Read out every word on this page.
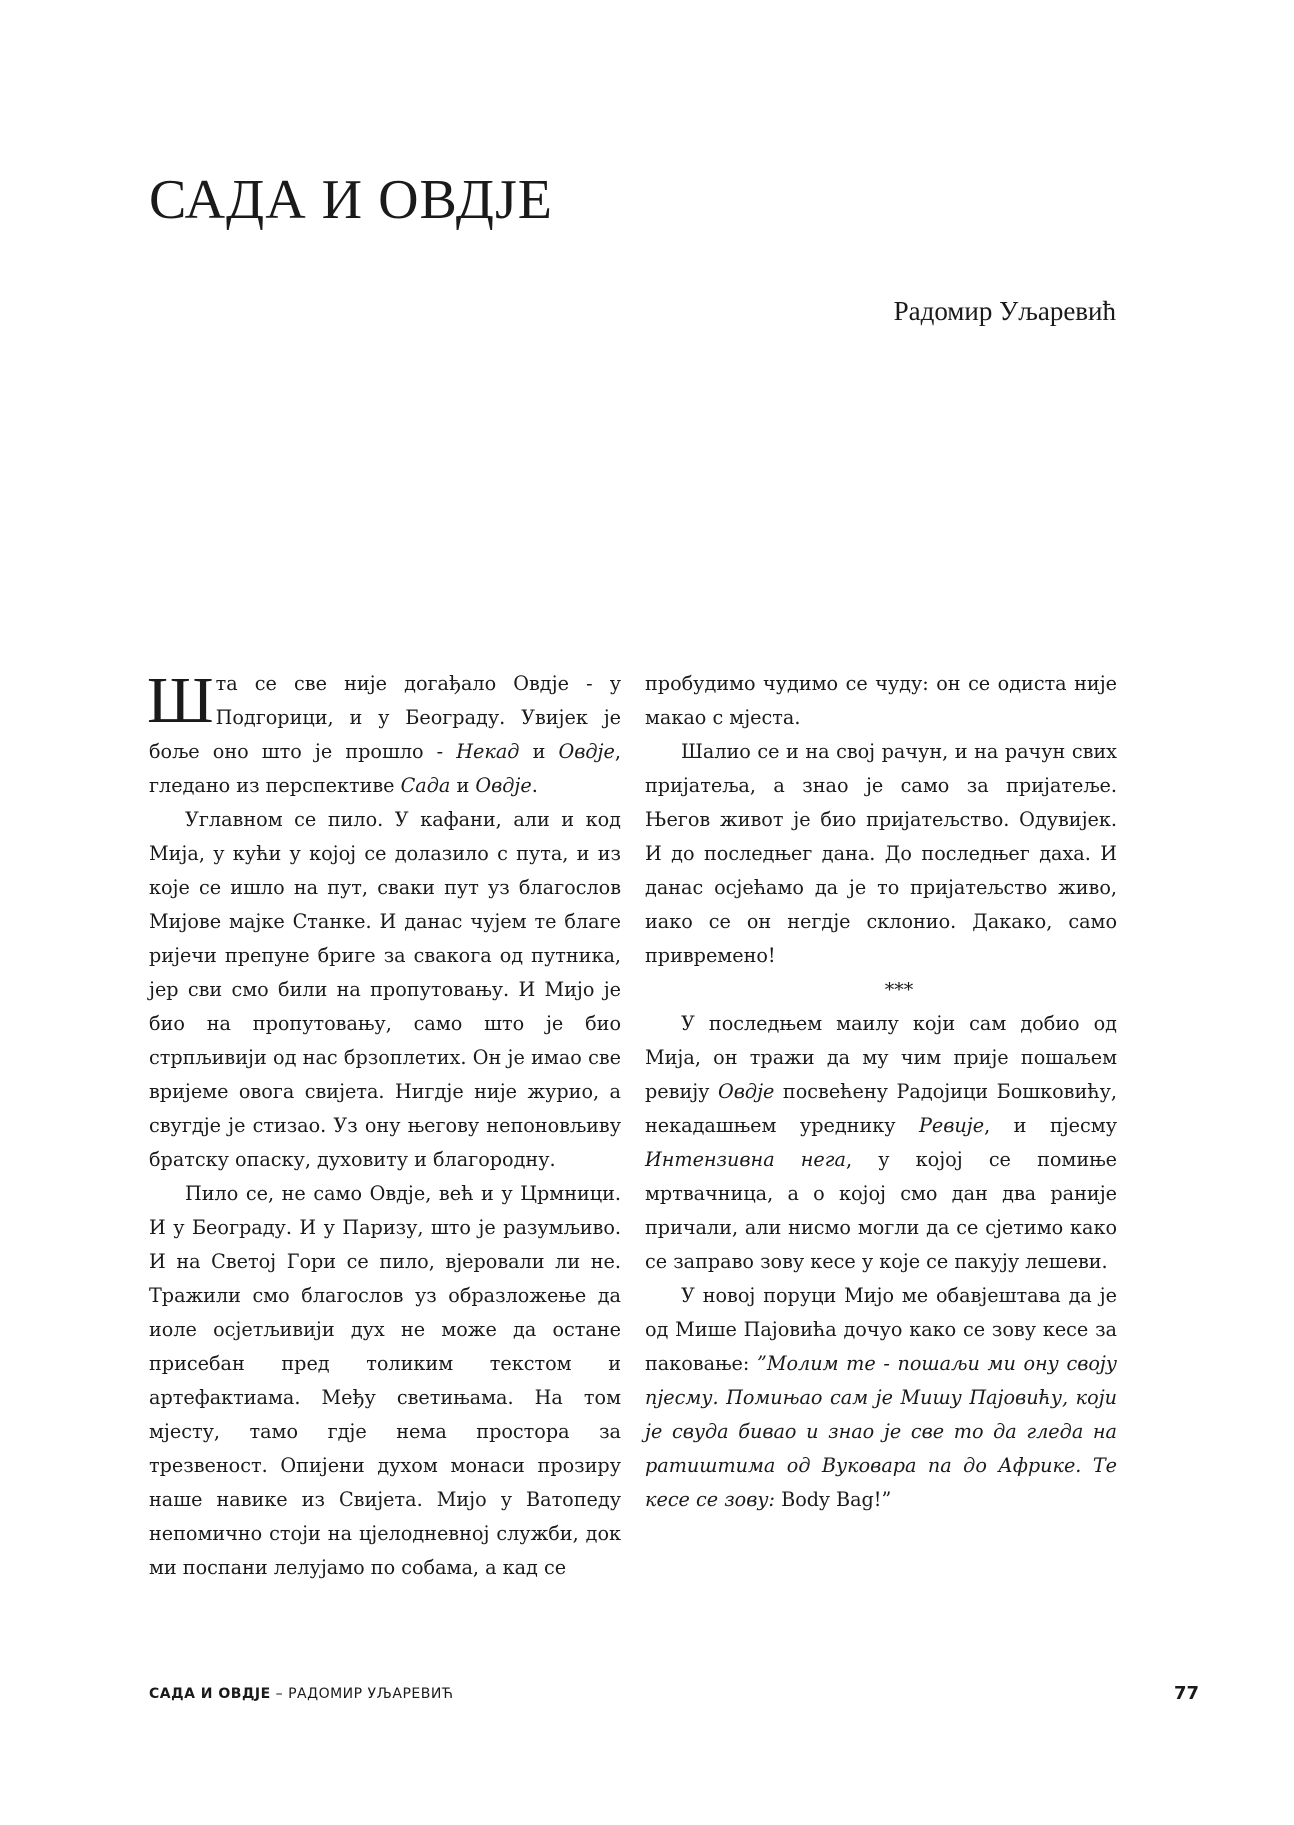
САДА И ОВДЈЕ
Радомир Уљаревић

Шта се све није догађало Овдје - у Подгорици, и у Београду. Увијек је боље оно што је прошло - Некад и Овдје, гледано из перспективе Сада и Овдје.

Углавном се пило. У кафани, али и код Мија, у кући у којој се долазило с пута, и из које се ишло на пут, сваки пут уз благослов Мијове мајке Станке. И данас чујем те благе ријечи препуне бриге за свакога од путника, јер сви смо били на пропутовању. И Мијо је био на пропутовању, само што је био стрпљивији од нас брзоплетих. Он је имао све вријеме овога свијета. Нигдје није журио, а свугдје је стизао. Уз ону његову непоновљиву братску опаску, духовиту и благородну.

Пило се, не само Овдје, већ и у Црмници. И у Београду. И у Паризу, што је разумљиво. И на Светој Гори се пило, вјеровали ли не. Тражили смо благослов уз образложење да иоле осјетљивији дух не може да остане присебан пред толиким текстом и артефактиама. Међу светињама. На том мјесту, тамо гдје нема простора за трезвеност. Опијени духом монаси прозиру наше навике из Свијета. Мијо у Ватопеду непомично стоји на цјелодневној служби, док ми поспани лелујамо по собама, а кад се

пробудимо чудимо се чуду: он се одиста није макао с мјеста.

Шалио се и на свој рачун, и на рачун свих пријатеља, а знао је само за пријатеље. Његов живот је био пријатељство. Одувијек. И до последњег дана. До последњег даха. И данас осјећамо да је то пријатељство живо, иако се он негдје склонио. Дакако, само привремено!

***

У последњем маилу који сам добио од Мија, он тражи да му чим прије пошаљем ревију Овдје посвећену Радојици Бошковићу, некадашњем уреднику Ревије, и пјесму Интензивна нега, у којој се помиње мртвачница, а о којој смо дан два раније причали, али нисмо могли да се сјетимо како се заправо зову кесе у које се пакују лешеви.

У новој поруци Мијо ме обавјештава да је од Мише Пајовића дочуо како се зову кесе за паковање: ”Молим те - пошаљи ми ону своју пјесму. Помињао сам је Мишу Пајовићу, који је свуда бивао и знао је све то да гледа на ратиштима од Вуковара па до Африке. Те кесе се зову: Body Bag!”

САДА И ОВДЈЕ – РАДОМИР УЉАРЕВИЋ	77
